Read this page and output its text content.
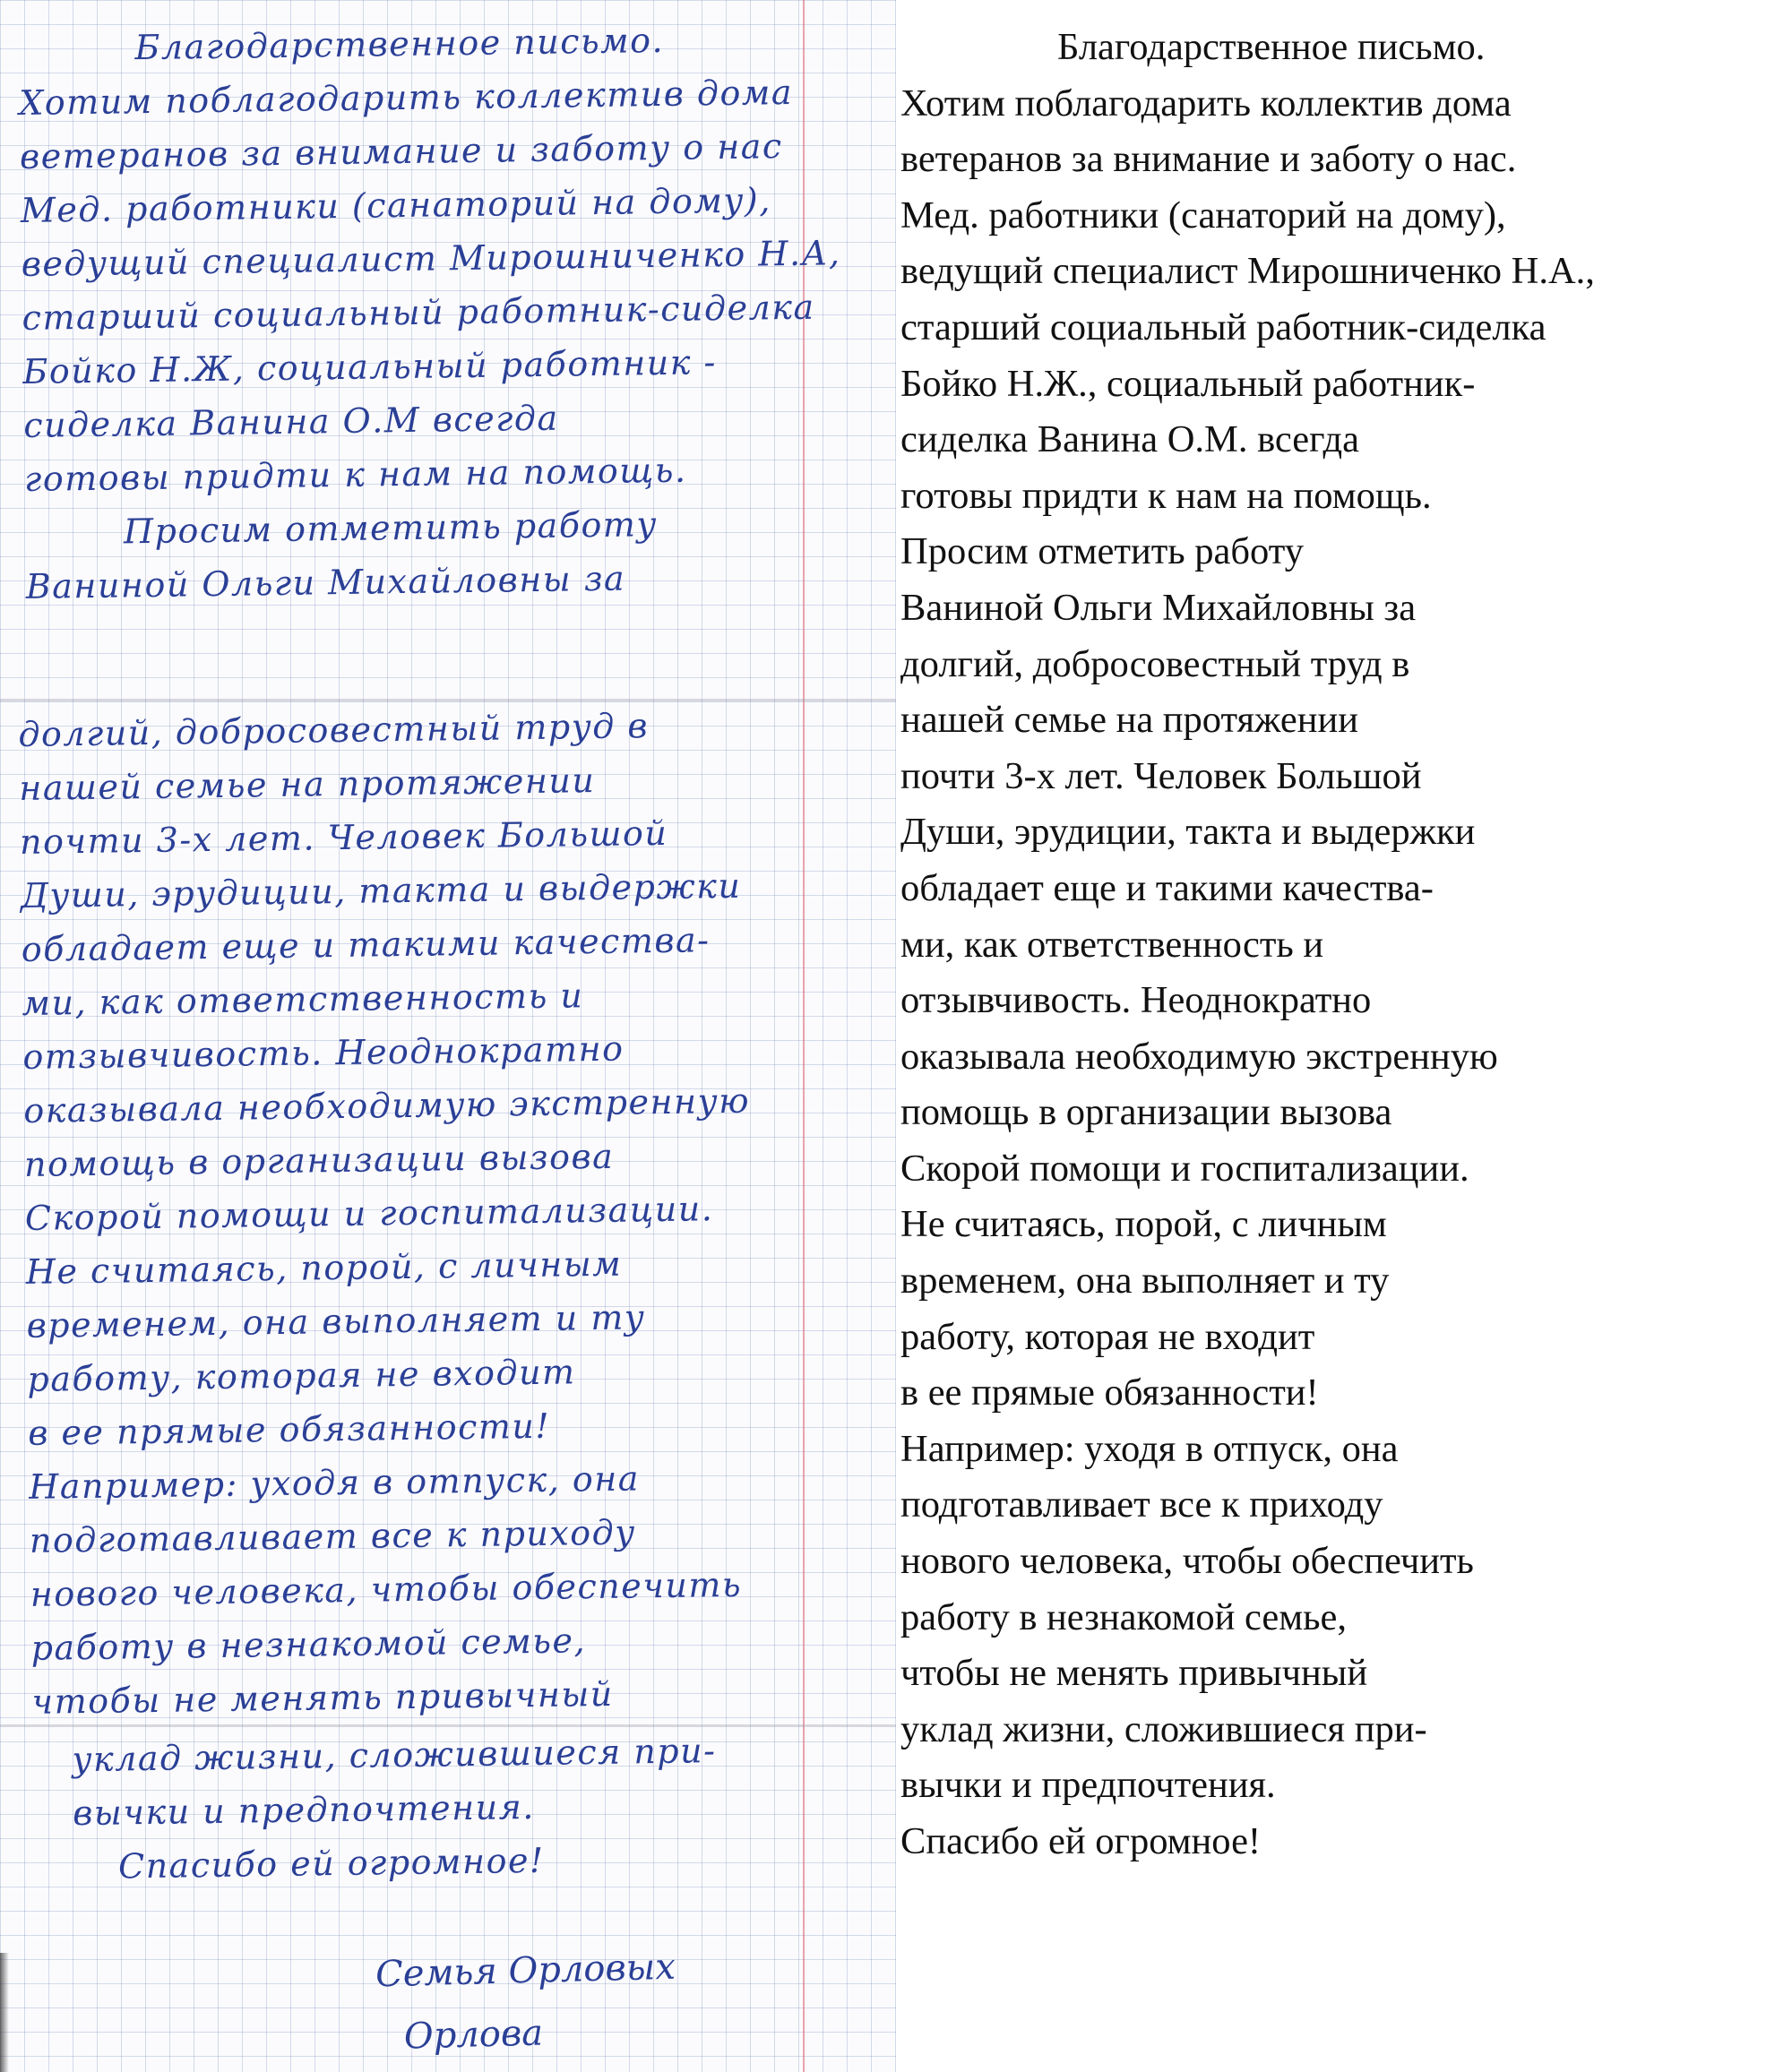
Благодарственное письмо.
Хотим поблагодарить коллектив дома
ветеранов за внимание и заботу о нас
Мед. работники (санаторий на дому),
ведущий специалист Мирошниченко Н.А,
старший социальный работник-сиделка
Бойко Н.Ж, социальный работник -
сиделка Ванина О.М всегда
готовы придти к нам на помощь.
Просим отметить работу
Ваниной Ольги Михайловны за
долгий, добросовестный труд в
нашей семье на протяжении
почти 3-х лет. Человек Большой
Души, эрудиции, такта и выдержки
обладает еще и такими качества-
ми, как ответственность и
отзывчивость. Неоднократно
оказывала необходимую экстренную
помощь в организации вызова
Скорой помощи и госпитализации.
Не считаясь, порой, с личным
временем, она выполняет и ту
работу, которая не входит
в ее прямые обязанности!
Например: уходя в отпуск, она
подготавливает все к приходу
нового человека, чтобы обеспечить
работу в незнакомой семье,
чтобы не менять привычный
уклад жизни, сложившиеся при-
вычки и предпочтения.
Спасибо ей огромное!
Семья Орловых
Орлова
Благодарственное письмо.
Хотим поблагодарить коллектив дома
ветеранов за внимание и заботу о нас.
Мед. работники (санаторий на дому),
ведущий специалист Мирошниченко Н.А.,
старший социальный работник-сиделка
Бойко Н.Ж., социальный работник-
сиделка Ванина О.М. всегда
готовы придти к нам на помощь.
Просим отметить работу
Ваниной Ольги Михайловны за
долгий, добросовестный труд в
нашей семье на протяжении
почти 3-х лет. Человек Большой
Души, эрудиции, такта и выдержки
обладает еще и такими качества-
ми, как ответственность и
отзывчивость. Неоднократно
оказывала необходимую экстренную
помощь в организации вызова
Скорой помощи и госпитализации.
Не считаясь, порой, с личным
временем, она выполняет и ту
работу, которая не входит
в ее прямые обязанности!
Например: уходя в отпуск, она
подготавливает все к приходу
нового человека, чтобы обеспечить
работу в незнакомой семье,
чтобы не менять привычный
уклад жизни, сложившиеся при-
вычки и предпочтения.
Спасибо ей огромное!
